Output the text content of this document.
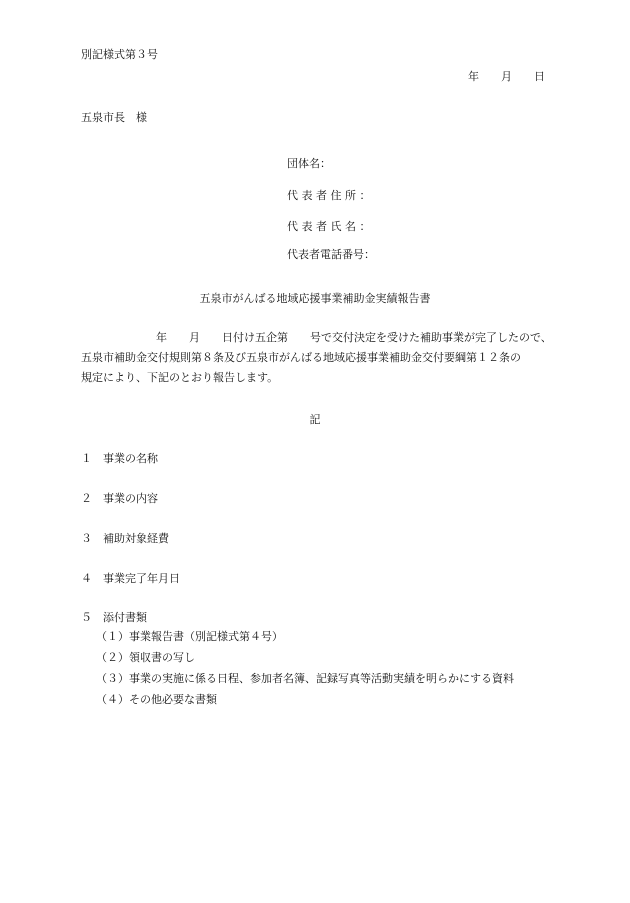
別記様式第３号
年 月 日
五泉市長　様
団体名：
代 表 者 住 所 ：
代 表 者 氏 名 ：
代表者電話番号：
五泉市がんばる地域応援事業補助金実績報告書
年 月 日付け五企第 号で交付決定を受けた補助事業が完了したので、
五泉市補助金交付規則第８条及び五泉市がんばる地域応援事業補助金交付要綱第１２条の
規定により、下記のとおり報告します。
記
１ 事業の名称
２ 事業の内容
３ 補助対象経費
４ 事業完了年月日
５ 添付書類
（１）事業報告書（別記様式第４号）
（２）領収書の写し
（３）事業の実施に係る日程、参加者名簿、記録写真等活動実績を明らかにする資料
（４）その他必要な書類
